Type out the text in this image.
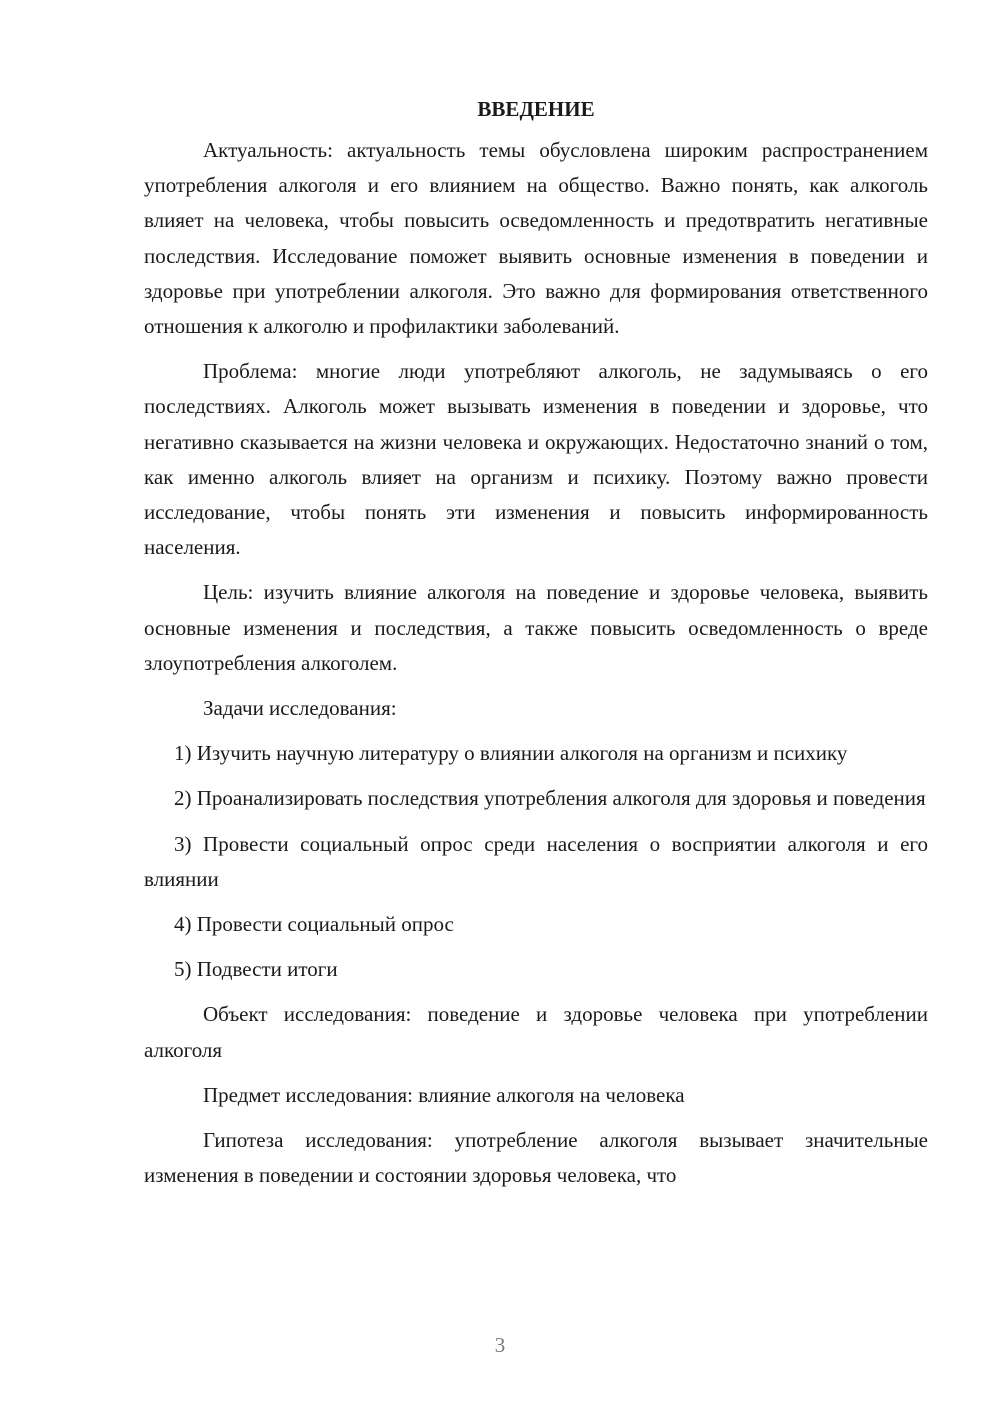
ВВЕДЕНИЕ

Актуальность: актуальность темы обусловлена широким распространением употребления алкоголя и его влиянием на общество. Важно понять, как алкоголь влияет на человека, чтобы повысить осведомленность и предотвратить негативные последствия. Исследование поможет выявить основные изменения в поведении и здоровье при употреблении алкоголя. Это важно для формирования ответственного отношения к алкоголю и профилактики заболеваний.

Проблема: многие люди употребляют алкоголь, не задумываясь о его последствиях. Алкоголь может вызывать изменения в поведении и здоровье, что негативно сказывается на жизни человека и окружающих. Недостаточно знаний о том, как именно алкоголь влияет на организм и психику. Поэтому важно провести исследование, чтобы понять эти изменения и повысить информированность населения.

Цель: изучить влияние алкоголя на поведение и здоровье человека, выявить основные изменения и последствия, а также повысить осведомленность о вреде злоупотребления алкоголем.

Задачи исследования:

1) Изучить научную литературу о влиянии алкоголя на организм и психику

2) Проанализировать последствия употребления алкоголя для здоровья и поведения

3) Провести социальный опрос среди населения о восприятии алкоголя и его влиянии

4) Провести социальный опрос

5) Подвести итоги

Объект исследования: поведение и здоровье человека при употреблении алкоголя

Предмет исследования: влияние алкоголя на человека

Гипотеза исследования: употребление алкоголя вызывает значительные изменения в поведении и состоянии здоровья человека, что

3
